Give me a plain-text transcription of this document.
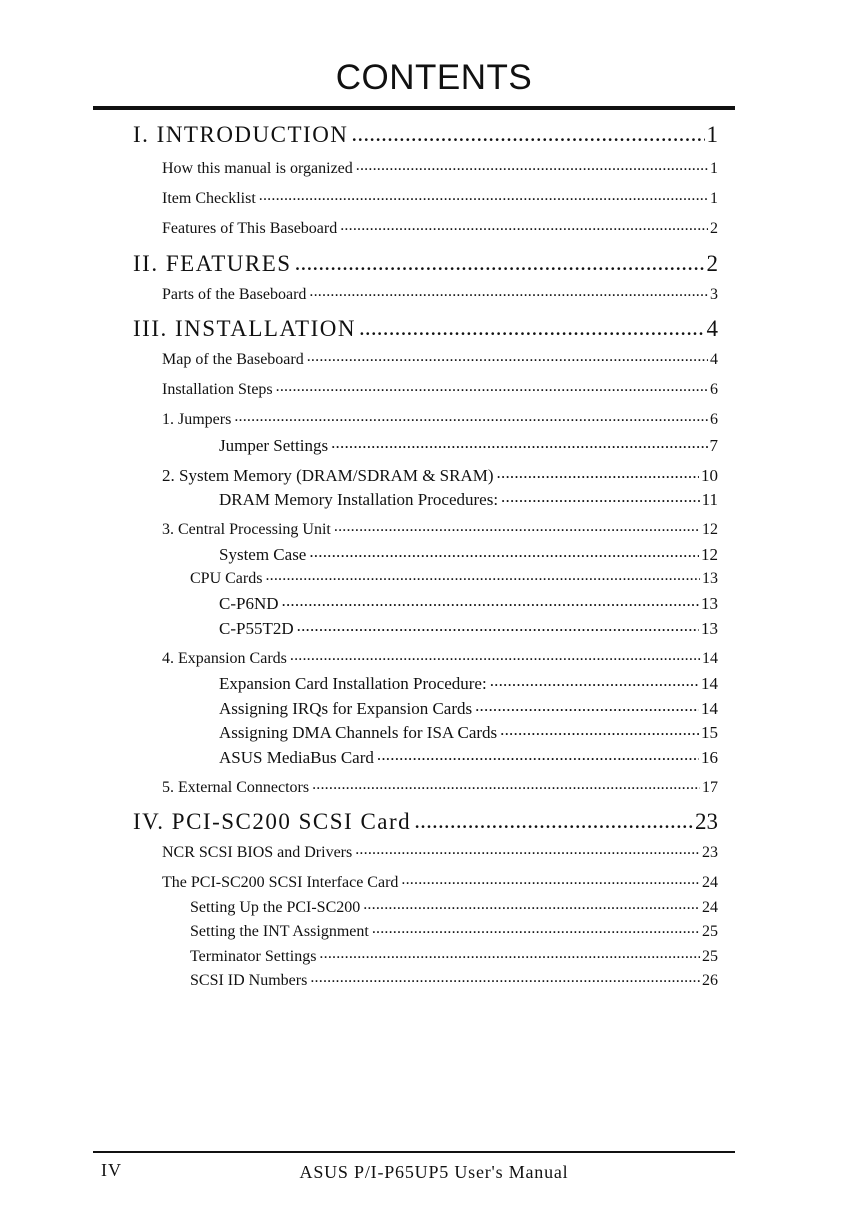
CONTENTS
I. INTRODUCTION .....	1
How this manual is organized .....	1
Item Checklist .....	1
Features of This Baseboard .....	2
II. FEATURES .....	2
Parts of the Baseboard .....	3
III. INSTALLATION .....	4
Map of the Baseboard .....	4
Installation Steps .....	6
1. Jumpers .....	6
Jumper Settings .....	7
2. System Memory (DRAM/SDRAM & SRAM) .....	10
DRAM Memory Installation Procedures: .....	11
3. Central Processing Unit .....	12
System Case .....	12
CPU Cards .....	13
C-P6ND .....	13
C-P55T2D .....	13
4. Expansion Cards .....	14
Expansion Card Installation Procedure: .....	14
Assigning IRQs for Expansion Cards .....	14
Assigning DMA Channels for ISA Cards .....	15
ASUS MediaBus Card .....	16
5. External Connectors .....	17
IV. PCI-SC200 SCSI Card .....	23
NCR SCSI BIOS and Drivers .....	23
The PCI-SC200 SCSI Interface Card .....	24
Setting Up the PCI-SC200 .....	24
Setting the INT Assignment .....	25
Terminator Settings .....	25
SCSI ID Numbers .....	26
IV	ASUS P/I-P65UP5 User's Manual
